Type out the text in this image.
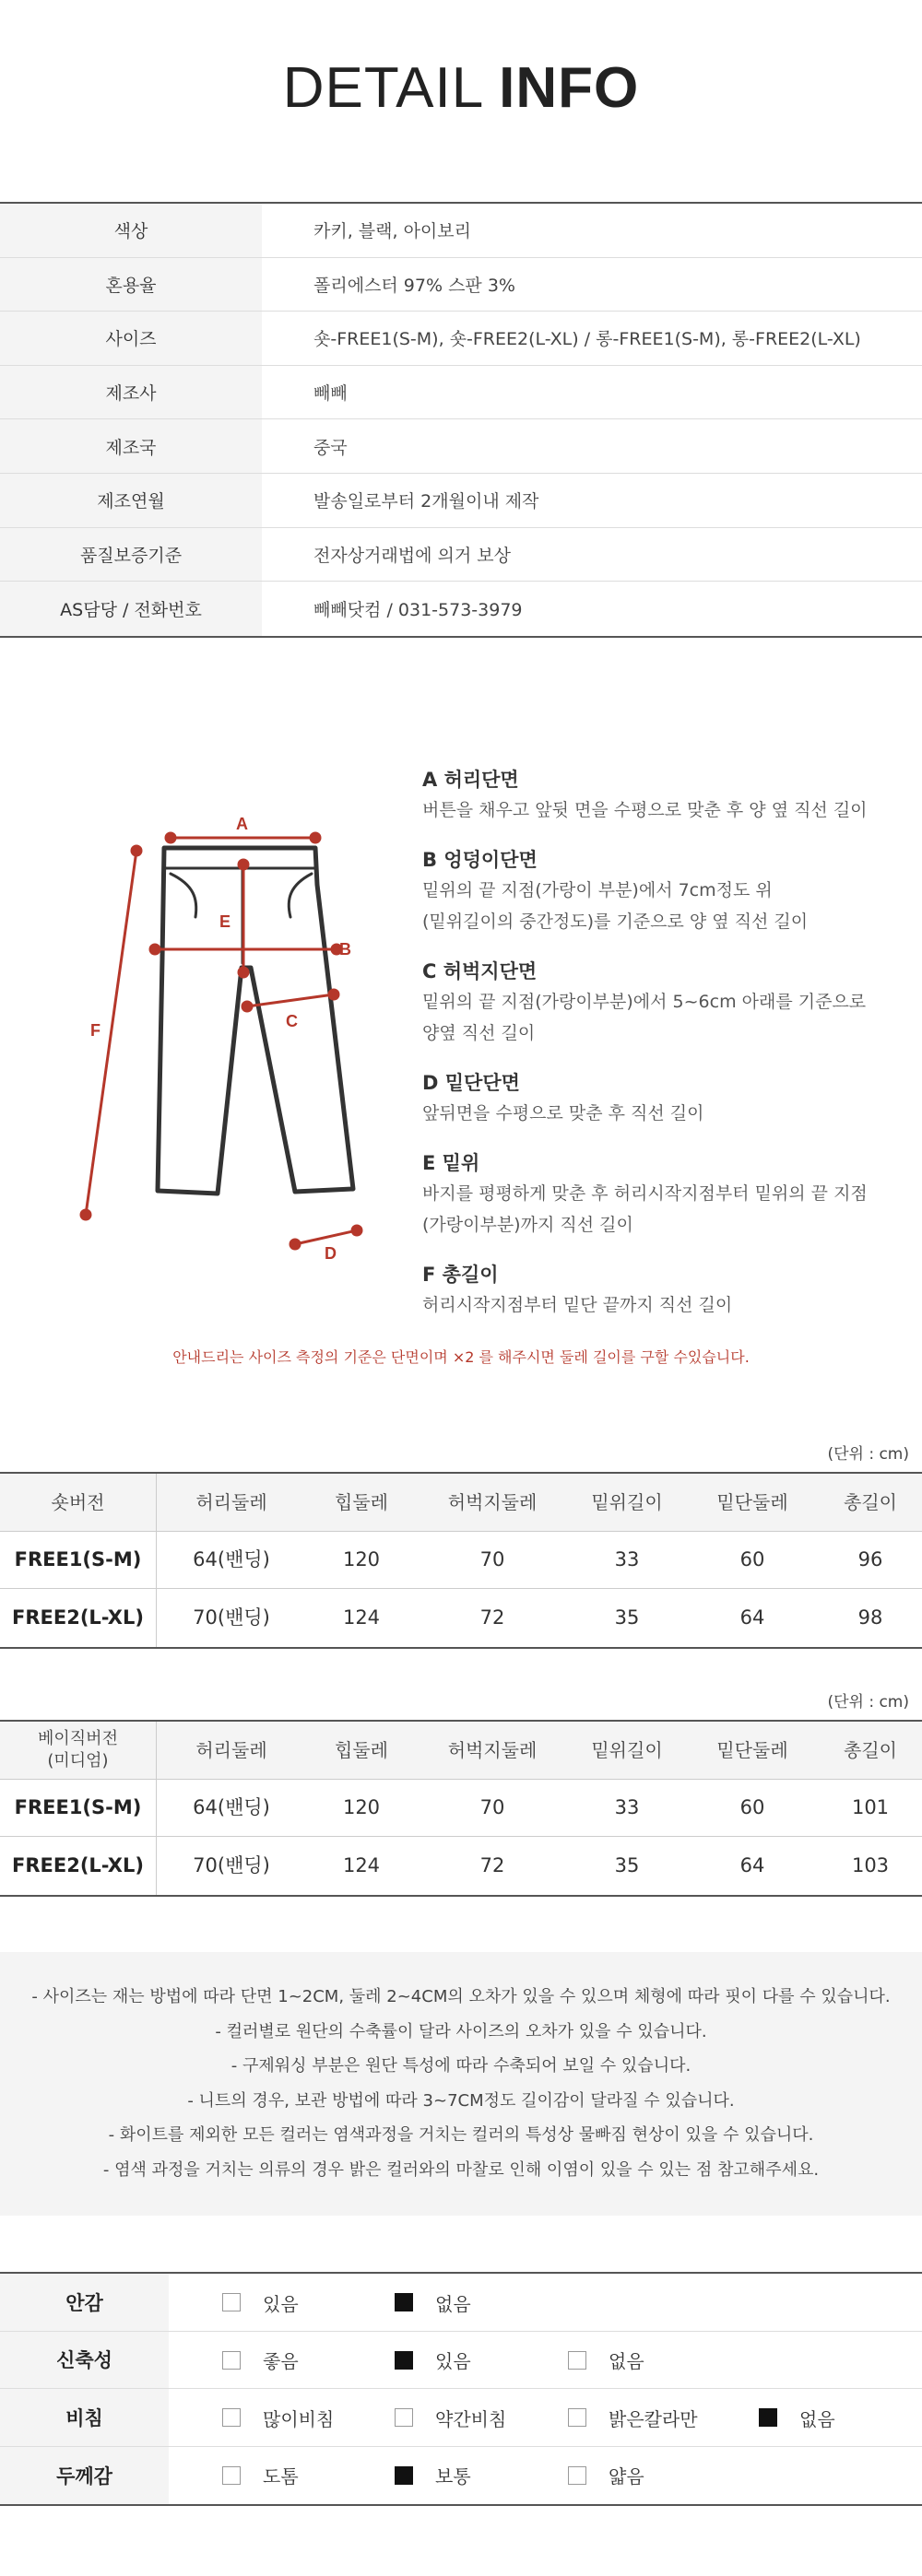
DETAIL INFO
색상	카키, 블랙, 아이보리
혼용율	폴리에스터 97% 스판 3%
사이즈	숏-FREE1(S-M), 숏-FREE2(L-XL) / 롱-FREE1(S-M), 롱-FREE2(L-XL)
제조사	빼빼
제조국	중국
제조연월	발송일로부터 2개월이내 제작
품질보증기준	전자상거래법에 의거 보상
AS담당 / 전화번호	빼빼닷컴 / 031-573-3979
A
B
C
D
E
F
A 허리단면
버튼을 채우고 앞뒷 면을 수평으로 맞춘 후 양 옆 직선 길이
B 엉덩이단면
밑위의 끝 지점(가랑이 부분)에서 7cm정도 위
(밑위길이의 중간정도)를 기준으로 양 옆 직선 길이
C 허벅지단면
밑위의 끝 지점(가랑이부분)에서 5~6cm 아래를 기준으로
양옆 직선 길이
D 밑단단면
앞뒤면을 수평으로 맞춘 후 직선 길이
E 밑위
바지를 평평하게 맞춘 후 허리시작지점부터 밑위의 끝 지점
(가랑이부분)까지 직선 길이
F 총길이
허리시작지점부터 밑단 끝까지 직선 길이
안내드리는 사이즈 측정의 기준은 단면이며 ×2 를 해주시면 둘레 길이를 구할 수있습니다.
(단위 : cm)
숏버전	허리둘레	힙둘레	허벅지둘레	밑위길이	밑단둘레	총길이
FREE1(S-M)	64(밴딩)	120	70	33	60	96
FREE2(L-XL)	70(밴딩)	124	72	35	64	98
(단위 : cm)
베이직버전
(미디엄)	허리둘레	힙둘레	허벅지둘레	밑위길이	밑단둘레	총길이
FREE1(S-M)	64(밴딩)	120	70	33	60	101
FREE2(L-XL)	70(밴딩)	124	72	35	64	103
- 사이즈는 재는 방법에 따라 단면 1~2CM, 둘레 2~4CM의 오차가 있을 수 있으며 체형에 따라 핏이 다를 수 있습니다.
- 컬러별로 원단의 수축률이 달라 사이즈의 오차가 있을 수 있습니다.
- 구제워싱 부분은 원단 특성에 따라 수축되어 보일 수 있습니다.
- 니트의 경우, 보관 방법에 따라 3~7CM정도 길이감이 달라질 수 있습니다.
- 화이트를 제외한 모든 컬러는 염색과정을 거치는 컬러의 특성상 물빠짐 현상이 있을 수 있습니다.
- 염색 과정을 거치는 의류의 경우 밝은 컬러와의 마찰로 인해 이염이 있을 수 있는 점 참고해주세요.
안감	있음	없음
신축성	좋음	있음	없음
비침	많이비침	약간비침	밝은칼라만	없음
두께감	도톰	보통	얇음
